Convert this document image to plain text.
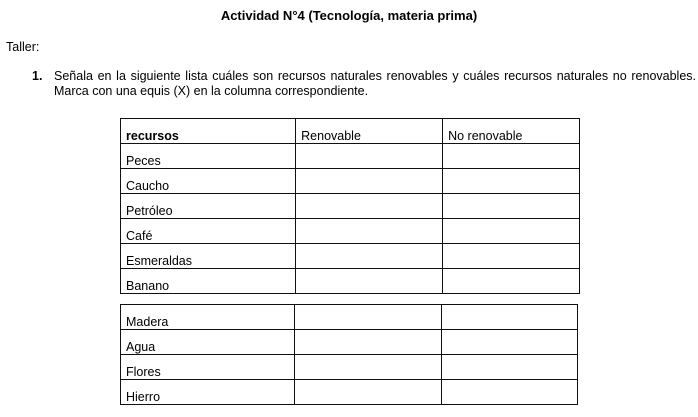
Actividad N°4 (Tecnología, materia prima)
Taller:
1. Señala en la siguiente lista cuáles son recursos naturales renovables y cuáles recursos naturales no renovables. Marca con una equis (X) en la columna correspondiente.
recursos	Renovable	No renovable
Peces		
Caucho		
Petróleo		
Café		
Esmeraldas		
Banano		
Madera		
Agua		
Flores		
Hierro		
